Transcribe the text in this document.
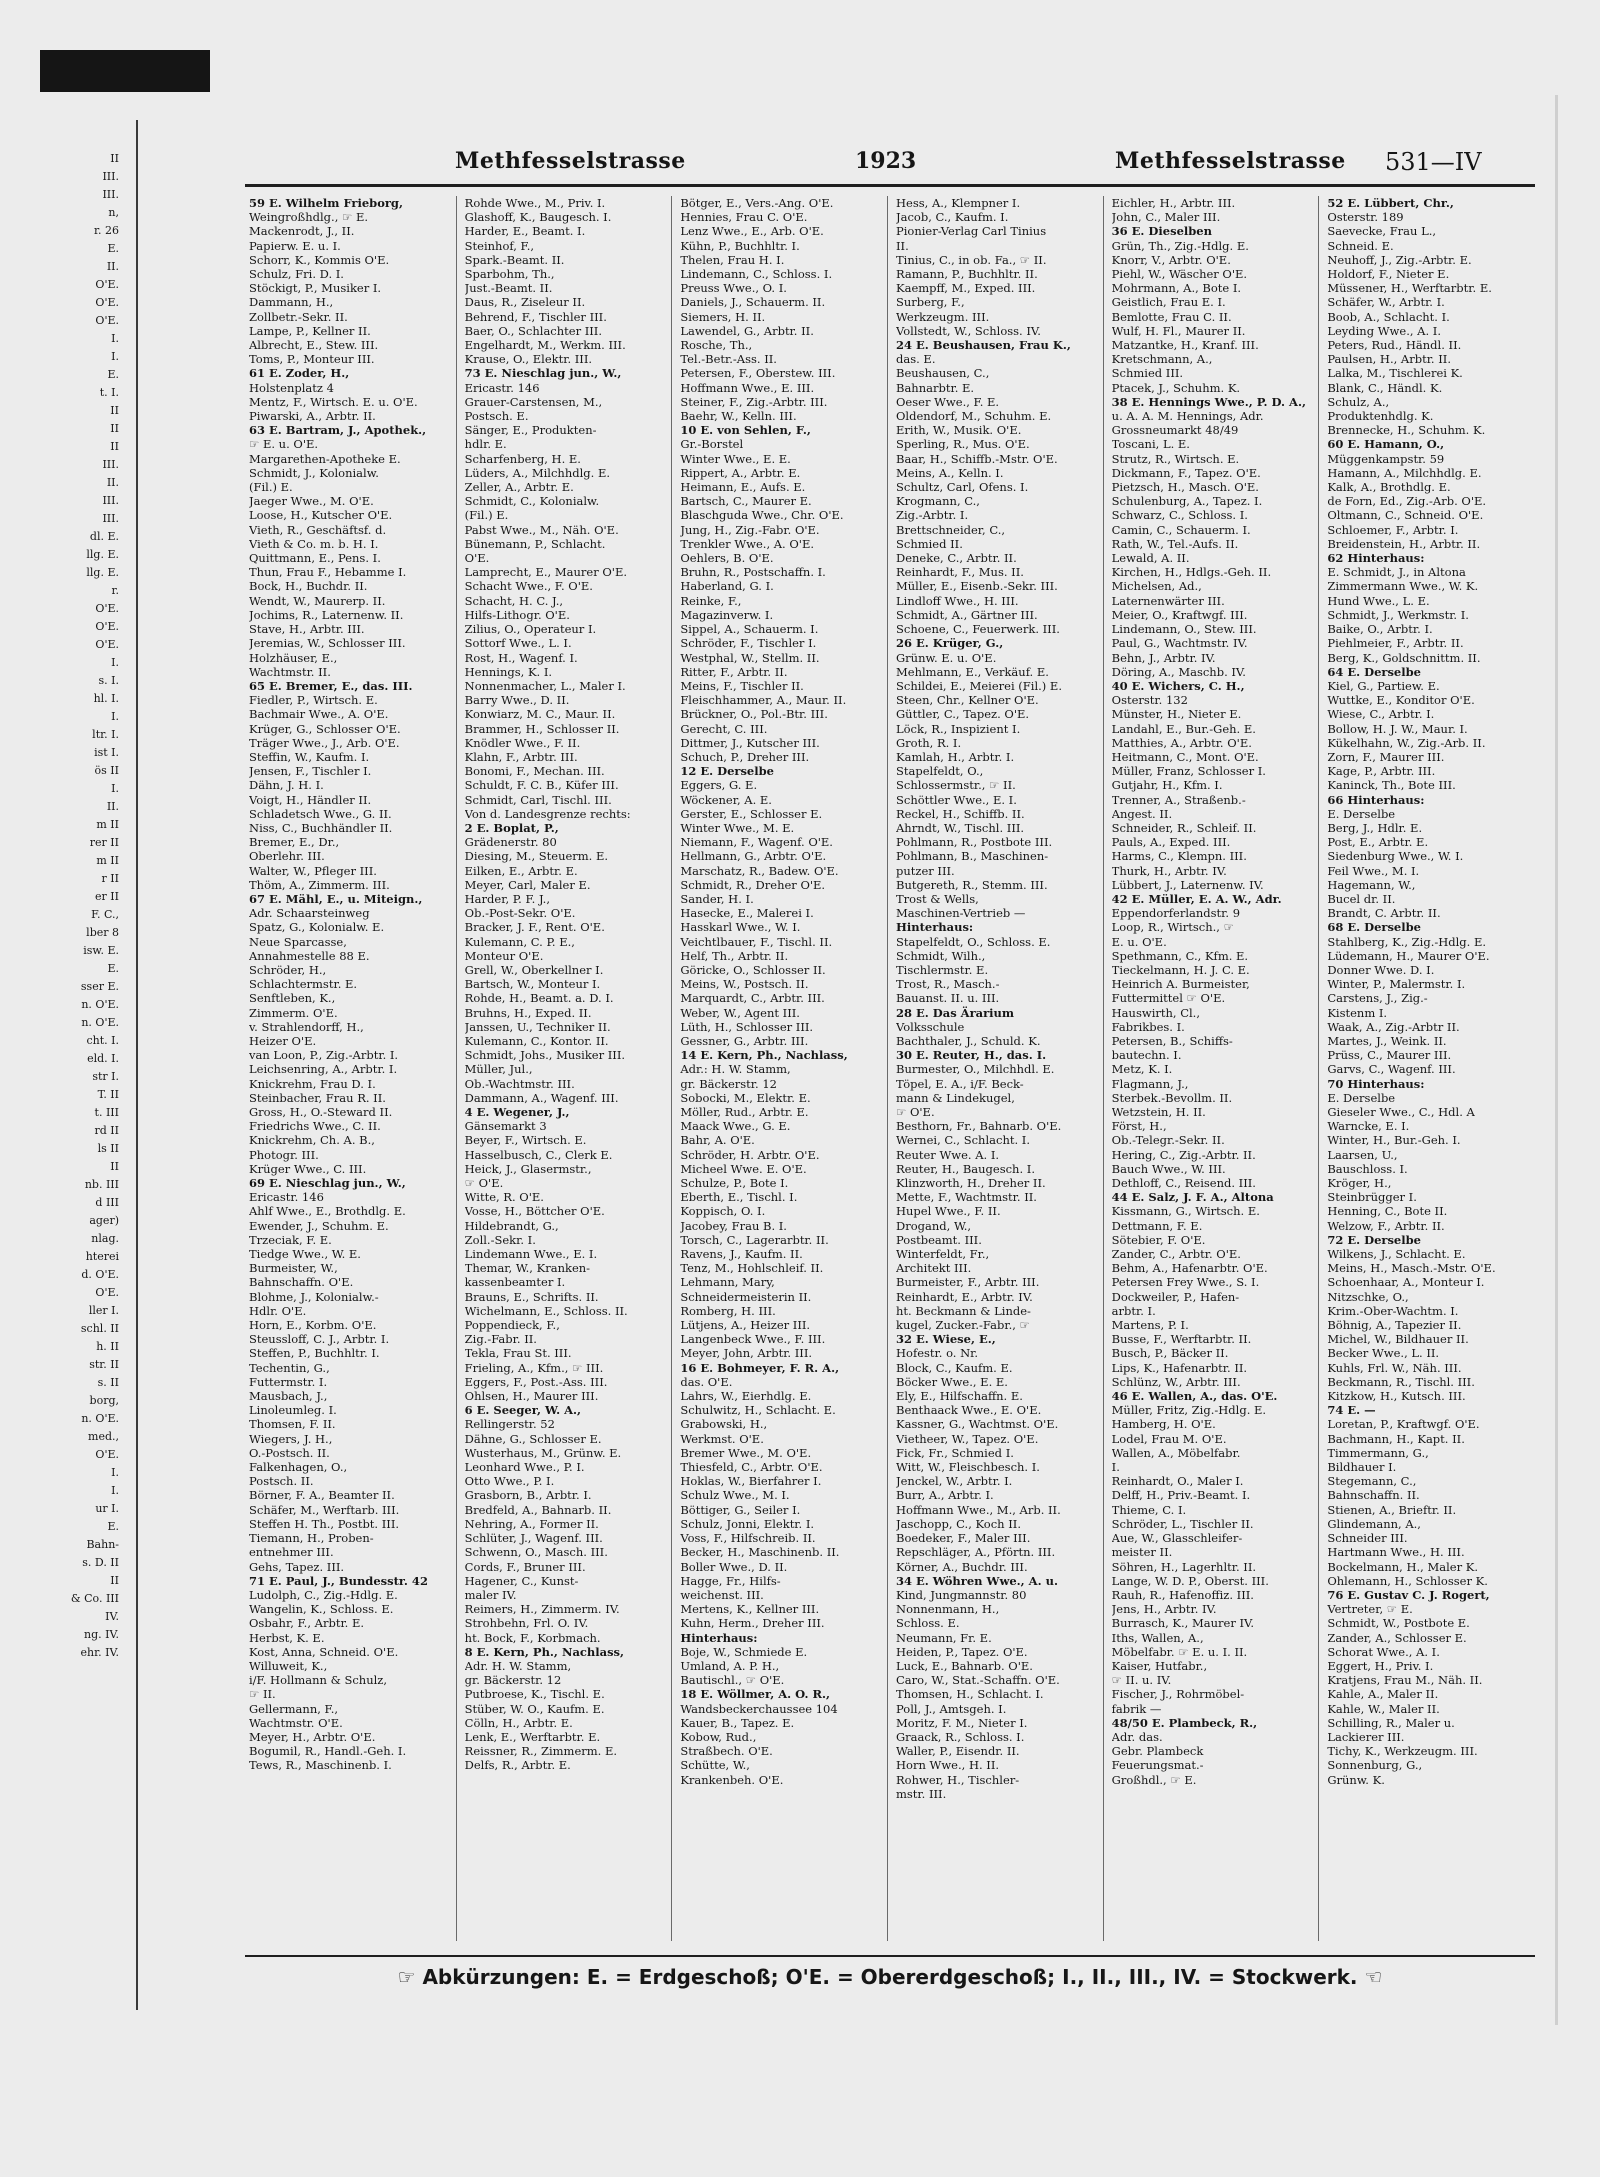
II
III.
III.
n,
r. 26
E.
II.
O'E.
O'E.
O'E.
I.
I.
E.
t. I.
II
II
II
III.
II.
III.
III.
dl. E.
llg. E.
llg. E.
r.
O'E.
O'E.
O'E.
I.
s. I.
hl. I.
I.
ltr. I.
ist I.
ös II
I.
II.
m II
rer II
m II
r II
er II
F. C.,
lber 8
isw. E.
E.
sser E.
n. O'E.
n. O'E.
cht. I.
eld. I.
str I.
T. II
t. III
rd II
ls II
II
nb. III
d III
ager)
nlag.
hterei
d. O'E.
O'E.
ller I.
schl. II
h. II
str. II
s. II
borg,
n. O'E.
med.,
O'E.
I.
I.
ur I.
E.
Bahn-
s. D. II
II
& Co. III
IV.
ng. IV.
ehr. IV.
Methfesselstrasse	1923	Methfesselstrasse 531—IV
59 E. Wilhelm Frieborg,
Weingroßhdlg., ☞ E.
Mackenrodt, J., II.
Papierw. E. u. I.
Schorr, K., Kommis O'E.
Schulz, Fri. D. I.
Stöckigt, P., Musiker I.
Dammann, H.,
Zollbetr.-Sekr. II.
Lampe, P., Kellner II.
Albrecht, E., Stew. III.
Toms, P., Monteur III.
61 E. Zoder, H.,
Holstenplatz 4
Mentz, F., Wirtsch. E. u. O'E.
Piwarski, A., Arbtr. II.
63 E. Bartram, J., Apothek.,
☞ E. u. O'E.
Margarethen-Apotheke E.
Schmidt, J., Kolonialw.
(Fil.) E.
Jaeger Wwe., M. O'E.
Loose, H., Kutscher O'E.
Vieth, R., Geschäftsf. d.
Vieth & Co. m. b. H. I.
Quittmann, E., Pens. I.
Thun, Frau F., Hebamme I.
Bock, H., Buchdr. II.
Wendt, W., Maurerp. II.
Jochims, R., Laternenw. II.
Stave, H., Arbtr. III.
Jeremias, W., Schlosser III.
Holzhäuser, E.,
Wachtmstr. II.
65 E. Bremer, E., das. III.
Fiedler, P., Wirtsch. E.
Bachmair Wwe., A. O'E.
Krüger, G., Schlosser O'E.
Träger Wwe., J., Arb. O'E.
Steffin, W., Kaufm. I.
Jensen, F., Tischler I.
Dähn, J. H. I.
Voigt, H., Händler II.
Schladetsch Wwe., G. II.
Niss, C., Buchhändler II.
Bremer, E., Dr.,
Oberlehr. III.
Walter, W., Pfleger III.
Thöm, A., Zimmerm. III.
67 E. Mähl, E., u. Miteign.,
Adr. Schaarsteinweg
Spatz, G., Kolonialw. E.
Neue Sparcasse,
Annahmestelle 88 E.
Schröder, H.,
Schlachtermstr. E.
Senftleben, K.,
Zimmerm. O'E.
v. Strahlendorff, H.,
Heizer O'E.
van Loon, P., Zig.-Arbtr. I.
Leichsenring, A., Arbtr. I.
Knickrehm, Frau D. I.
Steinbacher, Frau R. II.
Gross, H., O.-Steward II.
Friedrichs Wwe., C. II.
Knickrehm, Ch. A. B.,
Photogr. III.
Krüger Wwe., C. III.
69 E. Nieschlag jun., W.,
Ericastr. 146
Ahlf Wwe., E., Brothdlg. E.
Ewender, J., Schuhm. E.
Trzeciak, F. E.
Tiedge Wwe., W. E.
Burmeister, W.,
Bahnschaffn. O'E.
Blohme, J., Kolonialw.-
Hdlr. O'E.
Horn, E., Korbm. O'E.
Steussloff, C. J., Arbtr. I.
Steffen, P., Buchhltr. I.
Techentin, G.,
Futtermstr. I.
Mausbach, J.,
Linoleumleg. I.
Thomsen, F. II.
Wiegers, J. H.,
O.-Postsch. II.
Falkenhagen, O.,
Postsch. II.
Börner, F. A., Beamter II.
Schäfer, M., Werftarb. III.
Steffen H. Th., Postbt. III.
Tiemann, H., Proben-
entnehmer III.
Gehs, Tapez. III.
71 E. Paul, J., Bundesstr. 42
Ludolph, C., Zig.-Hdlg. E.
Wangelin, K., Schloss. E.
Osbahr, F., Arbtr. E.
Herbst, K. E.
Kost, Anna, Schneid. O'E.
Willuweit, K.,
i/F. Hollmann & Schulz,
☞ II.
Gellermann, F.,
Wachtmstr. O'E.
Meyer, H., Arbtr. O'E.
Bogumil, R., Handl.-Geh. I.
Tews, R., Maschinenb. I.
Rohde Wwe., M., Priv. I.
Glashoff, K., Baugesch. I.
Harder, E., Beamt. I.
Steinhof, F.,
Spark.-Beamt. II.
Sparbohm, Th.,
Just.-Beamt. II.
Daus, R., Ziseleur II.
Behrend, F., Tischler III.
Baer, O., Schlachter III.
Engelhardt, M., Werkm. III.
Krause, O., Elektr. III.
73 E. Nieschlag jun., W.,
Ericastr. 146
Grauer-Carstensen, M.,
Postsch. E.
Sänger, E., Produkten-
hdlr. E.
Scharfenberg, H. E.
Lüders, A., Milchhdlg. E.
Zeller, A., Arbtr. E.
Schmidt, C., Kolonialw.
(Fil.) E.
Pabst Wwe., M., Näh. O'E.
Bünemann, P., Schlacht.
O'E.
Lamprecht, E., Maurer O'E.
Schacht Wwe., F. O'E.
Schacht, H. C. J.,
Hilfs-Lithogr. O'E.
Zilius, O., Operateur I.
Sottorf Wwe., L. I.
Rost, H., Wagenf. I.
Hennings, K. I.
Nonnenmacher, L., Maler I.
Barry Wwe., D. II.
Konwiarz, M. C., Maur. II.
Brammer, H., Schlosser II.
Knödler Wwe., F. II.
Klahn, F., Arbtr. III.
Bonomi, F., Mechan. III.
Schuldt, F. C. B., Küfer III.
Schmidt, Carl, Tischl. III.
Von d. Landesgrenze rechts:
2 E. Boplat, P.,
Grädenerstr. 80
Diesing, M., Steuerm. E.
Eilken, E., Arbtr. E.
Meyer, Carl, Maler E.
Harder, P. F. J.,
Ob.-Post-Sekr. O'E.
Bracker, J. F., Rent. O'E.
Kulemann, C. P. E.,
Monteur O'E.
Grell, W., Oberkellner I.
Bartsch, W., Monteur I.
Rohde, H., Beamt. a. D. I.
Bruhns, H., Exped. II.
Janssen, U., Techniker II.
Kulemann, C., Kontor. II.
Schmidt, Johs., Musiker III.
Müller, Jul.,
Ob.-Wachtmstr. III.
Dammann, A., Wagenf. III.
4 E. Wegener, J.,
Gänsemarkt 3
Beyer, F., Wirtsch. E.
Hasselbusch, C., Clerk E.
Heick, J., Glasermstr.,
☞ O'E.
Witte, R. O'E.
Vosse, H., Böttcher O'E.
Hildebrandt, G.,
Zoll.-Sekr. I.
Lindemann Wwe., E. I.
Themar, W., Kranken-
kassenbeamter I.
Brauns, E., Schrifts. II.
Wichelmann, E., Schloss. II.
Poppendieck, F.,
Zig.-Fabr. II.
Tekla, Frau St. III.
Frieling, A., Kfm., ☞ III.
Eggers, F., Post.-Ass. III.
Ohlsen, H., Maurer III.
6 E. Seeger, W. A.,
Rellingerstr. 52
Dähne, G., Schlosser E.
Wusterhaus, M., Grünw. E.
Leonhard Wwe., P. I.
Otto Wwe., P. I.
Grasborn, B., Arbtr. I.
Bredfeld, A., Bahnarb. II.
Nehring, A., Former II.
Schlüter, J., Wagenf. III.
Schwenn, O., Masch. III.
Cords, F., Bruner III.
Hagener, C., Kunst-
maler IV.
Reimers, H., Zimmerm. IV.
Strohbehn, Frl. O. IV.
ht. Bock, F., Korbmach.
8 E. Kern, Ph., Nachlass,
Adr. H. W. Stamm,
gr. Bäckerstr. 12
Putbroese, K., Tischl. E.
Stüber, W. O., Kaufm. E.
Cölln, H., Arbtr. E.
Lenk, E., Werftarbtr. E.
Reissner, R., Zimmerm. E.
Delfs, R., Arbtr. E.
Bötger, E., Vers.-Ang. O'E.
Hennies, Frau C. O'E.
Lenz Wwe., E., Arb. O'E.
Kühn, P., Buchhltr. I.
Thelen, Frau H. I.
Lindemann, C., Schloss. I.
Preuss Wwe., O. I.
Daniels, J., Schauerm. II.
Siemers, H. II.
Lawendel, G., Arbtr. II.
Rosche, Th.,
Tel.-Betr.-Ass. II.
Petersen, F., Oberstew. III.
Hoffmann Wwe., E. III.
Steiner, F., Zig.-Arbtr. III.
Baehr, W., Kelln. III.
10 E. von Sehlen, F.,
Gr.-Borstel
Winter Wwe., E. E.
Rippert, A., Arbtr. E.
Heimann, E., Aufs. E.
Bartsch, C., Maurer E.
Blaschguda Wwe., Chr. O'E.
Jung, H., Zig.-Fabr. O'E.
Trenkler Wwe., A. O'E.
Oehlers, B. O'E.
Bruhn, R., Postschaffn. I.
Haberland, G. I.
Reinke, F.,
Magazinverw. I.
Sippel, A., Schauerm. I.
Schröder, F., Tischler I.
Westphal, W., Stellm. II.
Ritter, F., Arbtr. II.
Meins, F., Tischler II.
Fleischhammer, A., Maur. II.
Brückner, O., Pol.-Btr. III.
Gerecht, C. III.
Dittmer, J., Kutscher III.
Schuch, P., Dreher III.
12 E. Derselbe
Eggers, G. E.
Wöckener, A. E.
Gerster, E., Schlosser E.
Winter Wwe., M. E.
Niemann, F., Wagenf. O'E.
Hellmann, G., Arbtr. O'E.
Marschatz, R., Badew. O'E.
Schmidt, R., Dreher O'E.
Sander, H. I.
Hasecke, E., Malerei I.
Hasskarl Wwe., W. I.
Veichtlbauer, F., Tischl. II.
Helf, Th., Arbtr. II.
Göricke, O., Schlosser II.
Meins, W., Postsch. II.
Marquardt, C., Arbtr. III.
Weber, W., Agent III.
Lüth, H., Schlosser III.
Gessner, G., Arbtr. III.
14 E. Kern, Ph., Nachlass,
Adr.: H. W. Stamm,
gr. Bäckerstr. 12
Sobocki, M., Elektr. E.
Möller, Rud., Arbtr. E.
Maack Wwe., G. E.
Bahr, A. O'E.
Schröder, H. Arbtr. O'E.
Micheel Wwe. E. O'E.
Schulze, P., Bote I.
Eberth, E., Tischl. I.
Koppisch, O. I.
Jacobey, Frau B. I.
Torsch, C., Lagerarbtr. II.
Ravens, J., Kaufm. II.
Tenz, M., Hohlschleif. II.
Lehmann, Mary,
Schneidermeisterin II.
Romberg, H. III.
Lütjens, A., Heizer III.
Langenbeck Wwe., F. III.
Meyer, John, Arbtr. III.
16 E. Bohmeyer, F. R. A.,
das. O'E.
Lahrs, W., Eierhdlg. E.
Schulwitz, H., Schlacht. E.
Grabowski, H.,
Werkmst. O'E.
Bremer Wwe., M. O'E.
Thiesfeld, C., Arbtr. O'E.
Hoklas, W., Bierfahrer I.
Schulz Wwe., M. I.
Böttiger, G., Seiler I.
Schulz, Jonni, Elektr. I.
Voss, F., Hilfschreib. II.
Becker, H., Maschinenb. II.
Boller Wwe., D. II.
Hagge, Fr., Hilfs-
weichenst. III.
Mertens, K., Kellner III.
Kuhn, Herm., Dreher III.
Hinterhaus:
Boje, W., Schmiede E.
Umland, A. P. H.,
Bautischl., ☞ O'E.
18 E. Wöllmer, A. O. R.,
Wandsbeckerchaussee 104
Kauer, B., Tapez. E.
Kobow, Rud.,
Straßbech. O'E.
Schütte, W.,
Krankenbeh. O'E.
Hess, A., Klempner I.
Jacob, C., Kaufm. I.
Pionier-Verlag Carl Tinius
II.
Tinius, C., in ob. Fa., ☞ II.
Ramann, P., Buchhltr. II.
Kaempff, M., Exped. III.
Surberg, F.,
Werkzeugm. III.
Vollstedt, W., Schloss. IV.
24 E. Beushausen, Frau K.,
das. E.
Beushausen, C.,
Bahnarbtr. E.
Oeser Wwe., F. E.
Oldendorf, M., Schuhm. E.
Erith, W., Musik. O'E.
Sperling, R., Mus. O'E.
Baar, H., Schiffb.-Mstr. O'E.
Meins, A., Kelln. I.
Schultz, Carl, Ofens. I.
Krogmann, C.,
Zig.-Arbtr. I.
Brettschneider, C.,
Schmied II.
Deneke, C., Arbtr. II.
Reinhardt, F., Mus. II.
Müller, E., Eisenb.-Sekr. III.
Lindloff Wwe., H. III.
Schmidt, A., Gärtner III.
Schoene, C., Feuerwerk. III.
26 E. Krüger, G.,
Grünw. E. u. O'E.
Mehlmann, E., Verkäuf. E.
Schildei, E., Meierei (Fil.) E.
Steen, Chr., Kellner O'E.
Güttler, C., Tapez. O'E.
Löck, R., Inspizient I.
Groth, R. I.
Kamlah, H., Arbtr. I.
Stapelfeldt, O.,
Schlossermstr., ☞ II.
Schöttler Wwe., E. I.
Reckel, H., Schiffb. II.
Ahrndt, W., Tischl. III.
Pohlmann, R., Postbote III.
Pohlmann, B., Maschinen-
putzer III.
Butgereth, R., Stemm. III.
Trost & Wells,
Maschinen-Vertrieb —
Hinterhaus:
Stapelfeldt, O., Schloss. E.
Schmidt, Wilh.,
Tischlermstr. E.
Trost, R., Masch.-
Bauanst. II. u. III.
28 E. Das Ärarium
Volksschule
Bachthaler, J., Schuld. K.
30 E. Reuter, H., das. I.
Burmester, O., Milchhdl. E.
Töpel, E. A., i/F. Beck-
mann & Lindekugel,
☞ O'E.
Besthorn, Fr., Bahnarb. O'E.
Wernei, C., Schlacht. I.
Reuter Wwe. A. I.
Reuter, H., Baugesch. I.
Klinzworth, H., Dreher II.
Mette, F., Wachtmstr. II.
Hupel Wwe., F. II.
Drogand, W.,
Postbeamt. III.
Winterfeldt, Fr.,
Architekt III.
Burmeister, F., Arbtr. III.
Reinhardt, E., Arbtr. IV.
ht. Beckmann & Linde-
kugel, Zucker.-Fabr., ☞
32 E. Wiese, E.,
Hofestr. o. Nr.
Block, C., Kaufm. E.
Böcker Wwe., E. E.
Ely, E., Hilfschaffn. E.
Benthaack Wwe., E. O'E.
Kassner, G., Wachtmst. O'E.
Vietheer, W., Tapez. O'E.
Fick, Fr., Schmied I.
Witt, W., Fleischbesch. I.
Jenckel, W., Arbtr. I.
Burr, A., Arbtr. I.
Hoffmann Wwe., M., Arb. II.
Jaschopp, C., Koch II.
Boedeker, F., Maler III.
Repschläger, A., Pförtn. III.
Körner, A., Buchdr. III.
34 E. Wöhren Wwe., A. u.
Kind, Jungmannstr. 80
Nonnenmann, H.,
Schloss. E.
Neumann, Fr. E.
Heiden, P., Tapez. O'E.
Luck, E., Bahnarb. O'E.
Caro, W., Stat.-Schaffn. O'E.
Thomsen, H., Schlacht. I.
Poll, J., Amtsgeh. I.
Moritz, F. M., Nieter I.
Graack, R., Schloss. I.
Waller, P., Eisendr. II.
Horn Wwe., H. II.
Rohwer, H., Tischler-
mstr. III.
Eichler, H., Arbtr. III.
John, C., Maler III.
36 E. Dieselben
Grün, Th., Zig.-Hdlg. E.
Knorr, V., Arbtr. O'E.
Piehl, W., Wäscher O'E.
Mohrmann, A., Bote I.
Geistlich, Frau E. I.
Bemlotte, Frau C. II.
Wulf, H. Fl., Maurer II.
Matzantke, H., Kranf. III.
Kretschmann, A.,
Schmied III.
Ptacek, J., Schuhm. K.
38 E. Hennings Wwe., P. D. A.,
u. A. A. M. Hennings, Adr.
Grossneumarkt 48/49
Toscani, L. E.
Strutz, R., Wirtsch. E.
Dickmann, F., Tapez. O'E.
Pietzsch, H., Masch. O'E.
Schulenburg, A., Tapez. I.
Schwarz, C., Schloss. I.
Camin, C., Schauerm. I.
Rath, W., Tel.-Aufs. II.
Lewald, A. II.
Kirchen, H., Hdlgs.-Geh. II.
Michelsen, Ad.,
Laternenwärter III.
Meier, O., Kraftwgf. III.
Lindemann, O., Stew. III.
Paul, G., Wachtmstr. IV.
Behn, J., Arbtr. IV.
Döring, A., Maschb. IV.
40 E. Wichers, C. H.,
Osterstr. 132
Münster, H., Nieter E.
Landahl, E., Bur.-Geh. E.
Matthies, A., Arbtr. O'E.
Heitmann, C., Mont. O'E.
Müller, Franz, Schlosser I.
Gutjahr, H., Kfm. I.
Trenner, A., Straßenb.-
Angest. II.
Schneider, R., Schleif. II.
Pauls, A., Exped. III.
Harms, C., Klempn. III.
Thurk, H., Arbtr. IV.
Lübbert, J., Laternenw. IV.
42 E. Müller, E. A. W., Adr.
Eppendorferlandstr. 9
Loop, R., Wirtsch., ☞
E. u. O'E.
Spethmann, C., Kfm. E.
Tieckelmann, H. J. C. E.
Heinrich A. Burmeister,
Futtermittel ☞ O'E.
Hauswirth, Cl.,
Fabrikbes. I.
Petersen, B., Schiffs-
bautechn. I.
Metz, K. I.
Flagmann, J.,
Sterbek.-Bevollm. II.
Wetzstein, H. II.
Först, H.,
Ob.-Telegr.-Sekr. II.
Hering, C., Zig.-Arbtr. II.
Bauch Wwe., W. III.
Dethloff, C., Reisend. III.
44 E. Salz, J. F. A., Altona
Kissmann, G., Wirtsch. E.
Dettmann, F. E.
Sötebier, F. O'E.
Zander, C., Arbtr. O'E.
Behm, A., Hafenarbtr. O'E.
Petersen Frey Wwe., S. I.
Dockweiler, P., Hafen-
arbtr. I.
Martens, P. I.
Busse, F., Werftarbtr. II.
Busch, P., Bäcker II.
Lips, K., Hafenarbtr. II.
Schlünz, W., Arbtr. III.
46 E. Wallen, A., das. O'E.
Müller, Fritz, Zig.-Hdlg. E.
Hamberg, H. O'E.
Lodel, Frau M. O'E.
Wallen, A., Möbelfabr.
I.
Reinhardt, O., Maler I.
Delff, H., Priv.-Beamt. I.
Thieme, C. I.
Schröder, L., Tischler II.
Aue, W., Glasschleifer-
meister II.
Söhren, H., Lagerhltr. II.
Lange, W. D. P., Oberst. III.
Rauh, R., Hafenoffiz. III.
Jens, H., Arbtr. IV.
Burrasch, K., Maurer IV.
Iths, Wallen, A.,
Möbelfabr. ☞ E. u. I. II.
Kaiser, Hutfabr.,
☞ II. u. IV.
Fischer, J., Rohrmöbel-
fabrik —
48/50 E. Plambeck, R.,
Adr. das.
Gebr. Plambeck
Feuerungsmat.-
Großhdl., ☞ E.
52 E. Lübbert, Chr.,
Osterstr. 189
Saevecke, Frau L.,
Schneid. E.
Neuhoff, J., Zig.-Arbtr. E.
Holdorf, F., Nieter E.
Müssener, H., Werftarbtr. E.
Schäfer, W., Arbtr. I.
Boob, A., Schlacht. I.
Leyding Wwe., A. I.
Peters, Rud., Händl. II.
Paulsen, H., Arbtr. II.
Lalka, M., Tischlerei K.
Blank, C., Händl. K.
Schulz, A.,
Produktenhdlg. K.
Brennecke, H., Schuhm. K.
60 E. Hamann, O.,
Müggenkampstr. 59
Hamann, A., Milchhdlg. E.
Kalk, A., Brothdlg. E.
de Forn, Ed., Zig.-Arb. O'E.
Oltmann, C., Schneid. O'E.
Schloemer, F., Arbtr. I.
Breidenstein, H., Arbtr. II.
62 Hinterhaus:
E. Schmidt, J., in Altona
Zimmermann Wwe., W. K.
Hund Wwe., L. E.
Schmidt, J., Werkmstr. I.
Baike, O., Arbtr. I.
Piehlmeier, F., Arbtr. II.
Berg, K., Goldschnittm. II.
64 E. Derselbe
Kiel, G., Partiew. E.
Wuttke, E., Konditor O'E.
Wiese, C., Arbtr. I.
Bollow, H. J. W., Maur. I.
Kükelhahn, W., Zig.-Arb. II.
Zorn, F., Maurer III.
Kage, P., Arbtr. III.
Kaninck, Th., Bote III.
66 Hinterhaus:
E. Derselbe
Berg, J., Hdlr. E.
Post, E., Arbtr. E.
Siedenburg Wwe., W. I.
Feil Wwe., M. I.
Hagemann, W.,
Bucel dr. II.
Brandt, C. Arbtr. II.
68 E. Derselbe
Stahlberg, K., Zig.-Hdlg. E.
Lüdemann, H., Maurer O'E.
Donner Wwe. D. I.
Winter, P., Malermstr. I.
Carstens, J., Zig.-
Kistenm I.
Waak, A., Zig.-Arbtr II.
Martes, J., Weink. II.
Prüss, C., Maurer III.
Garvs, C., Wagenf. III.
70 Hinterhaus:
E. Derselbe
Gieseler Wwe., C., Hdl. A
Warncke, E. I.
Winter, H., Bur.-Geh. I.
Laarsen, U.,
Bauschloss. I.
Kröger, H.,
Steinbrügger I.
Henning, C., Bote II.
Welzow, F., Arbtr. II.
72 E. Derselbe
Wilkens, J., Schlacht. E.
Meins, H., Masch.-Mstr. O'E.
Schoenhaar, A., Monteur I.
Nitzschke, O.,
Krim.-Ober-Wachtm. I.
Böhnig, A., Tapezier II.
Michel, W., Bildhauer II.
Becker Wwe., L. II.
Kuhls, Frl. W., Näh. III.
Beckmann, R., Tischl. III.
Kitzkow, H., Kutsch. III.
74 E. —
Loretan, P., Kraftwgf. O'E.
Bachmann, H., Kapt. II.
Timmermann, G.,
Bildhauer I.
Stegemann, C.,
Bahnschaffn. II.
Stienen, A., Brieftr. II.
Glindemann, A.,
Schneider III.
Hartmann Wwe., H. III.
Bockelmann, H., Maler K.
Ohlemann, H., Schlosser K.
76 E. Gustav C. J. Rogert,
Vertreter, ☞ E.
Schmidt, W., Postbote E.
Zander, A., Schlosser E.
Schorat Wwe., A. I.
Eggert, H., Priv. I.
Kratjens, Frau M., Näh. II.
Kahle, A., Maler II.
Kahle, W., Maler II.
Schilling, R., Maler u.
Lackierer III.
Tichy, K., Werkzeugm. III.
Sonnenburg, G.,
Grünw. K.
☞ Abkürzungen: E. = Erdgeschoß; O'E. = Obererdgeschoß; I., II., III., IV. = Stockwerk. ☜
